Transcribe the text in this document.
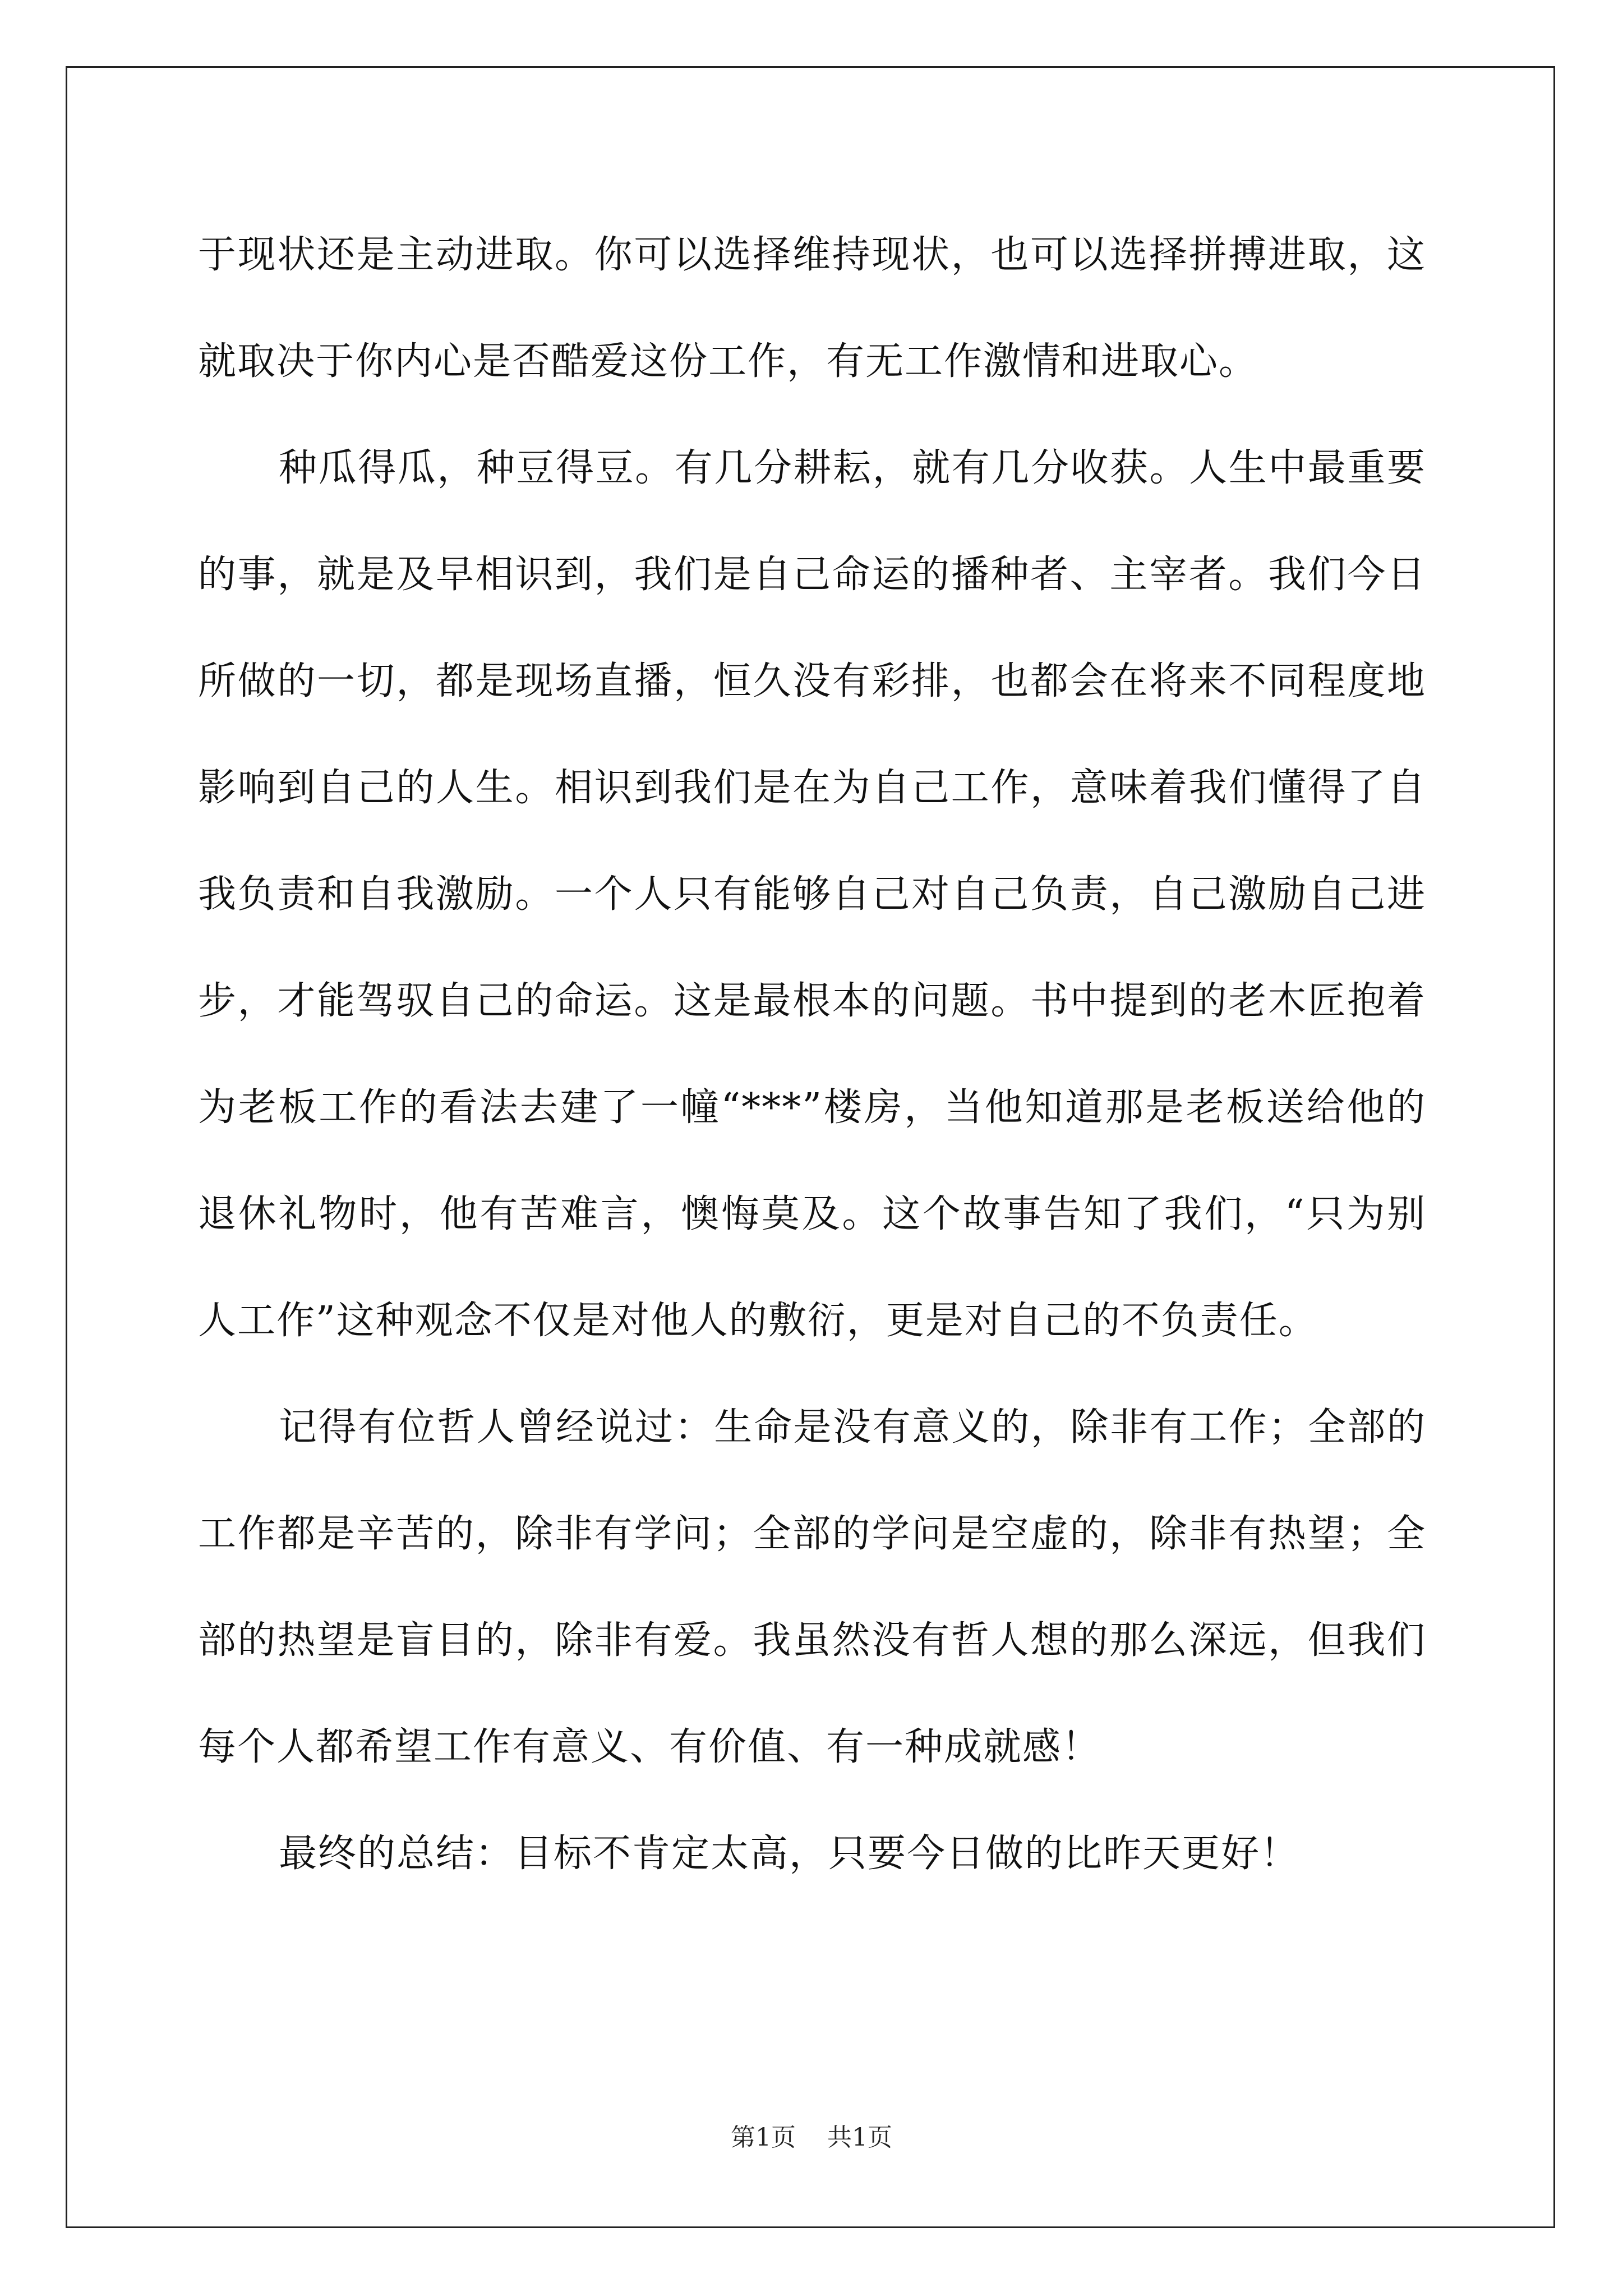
于现状还是主动进取。你可以选择维持现状，也可以选择拼搏进取，这就取决于你内心是否酷爱这份工作，有无工作激情和进取心。

种瓜得瓜，种豆得豆。有几分耕耘，就有几分收获。人生中最重要的事，就是及早相识到，我们是自己命运的播种者、主宰者。我们今日所做的一切，都是现场直播，恒久没有彩排，也都会在将来不同程度地影响到自己的人生。相识到我们是在为自己工作，意味着我们懂得了自我负责和自我激励。一个人只有能够自己对自己负责，自己激励自己进步，才能驾驭自己的命运。这是最根本的问题。书中提到的老木匠抱着为老板工作的看法去建了一幢“***”楼房，当他知道那是老板送给他的退休礼物时，他有苦难言，懊悔莫及。这个故事告知了我们，“只为别人工作”这种观念不仅是对他人的敷衍，更是对自己的不负责任。

记得有位哲人曾经说过：生命是没有意义的，除非有工作；全部的工作都是辛苦的，除非有学问；全部的学问是空虚的，除非有热望；全部的热望是盲目的，除非有爱。我虽然没有哲人想的那么深远，但我们每个人都希望工作有意义、有价值、有一种成就感！

最终的总结：目标不肯定太高，只要今日做的比昨天更好！

第1页 共1页
